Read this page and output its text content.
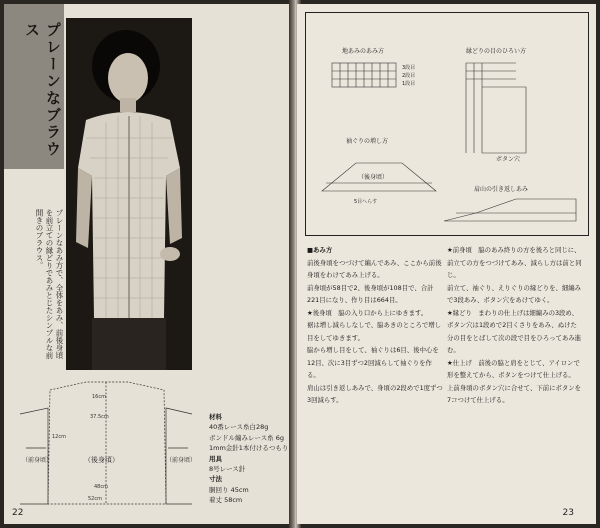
プレーンなブラウス
プレーンなあみ方で、全体をあみ、前後身頃を前立ての縁どりであみとじたシンプルな前開きのブラウス。
（後身頃）
（前身頃）	（前身頃）
16cm
37.5cm
12cm
48cm
52cm
材料
40番レース糸白28g
ボンドル編みレース糸 6g
1mm金針1本付けるつもり
用具
8号レース針
寸法
胴回り 45cm
着丈 58cm
22
地あみのあみ方	縁どりの目のひろい方
3段目
2段目
1段目
袖ぐりの増し方
ボタン穴
（後身頃）
5目へらす
肩山の引き返しあみ

■あみ方

前後身頃をつづけて編んであみ、ここから前後身頃をわけてあみ上げる。

前身頃が58目で2、後身頃が108目で、合計221目になり、作り目は664目。

★後身頃　脇の入り口から上にゆきます。

裾は増し減らしなしで、脇あきのところで増し目をしてゆきます。

脇から増し目をして、袖ぐりは6目、後中心を12目、次に3目ずつ2回減らして袖ぐりを作る。

肩山は引き返しあみで、身頃の2段めで1度ずつ3回減らす。

★前身頃　脇のあみ終りの方を後ろと同じに、前立ての方をつづけてあみ、減らし方は前と同じ。

前立て、袖ぐり、えりぐりの縁どりを、細編みで3段あみ、ボタン穴をあけてゆく。

★縁どり　まわりの仕上げは細編みの3段め、ボタン穴は1段めで2目くさりをあみ、ぬけた分の目をとばして次の段で目をひろってあみ進む。

★仕上げ　前後の脇と肩をとじて、アイロンで形を整えてから、ボタンをつけて仕上げる。

上前身頃のボタン穴に合せて、下前にボタンを7コつけて仕上げる。

23
